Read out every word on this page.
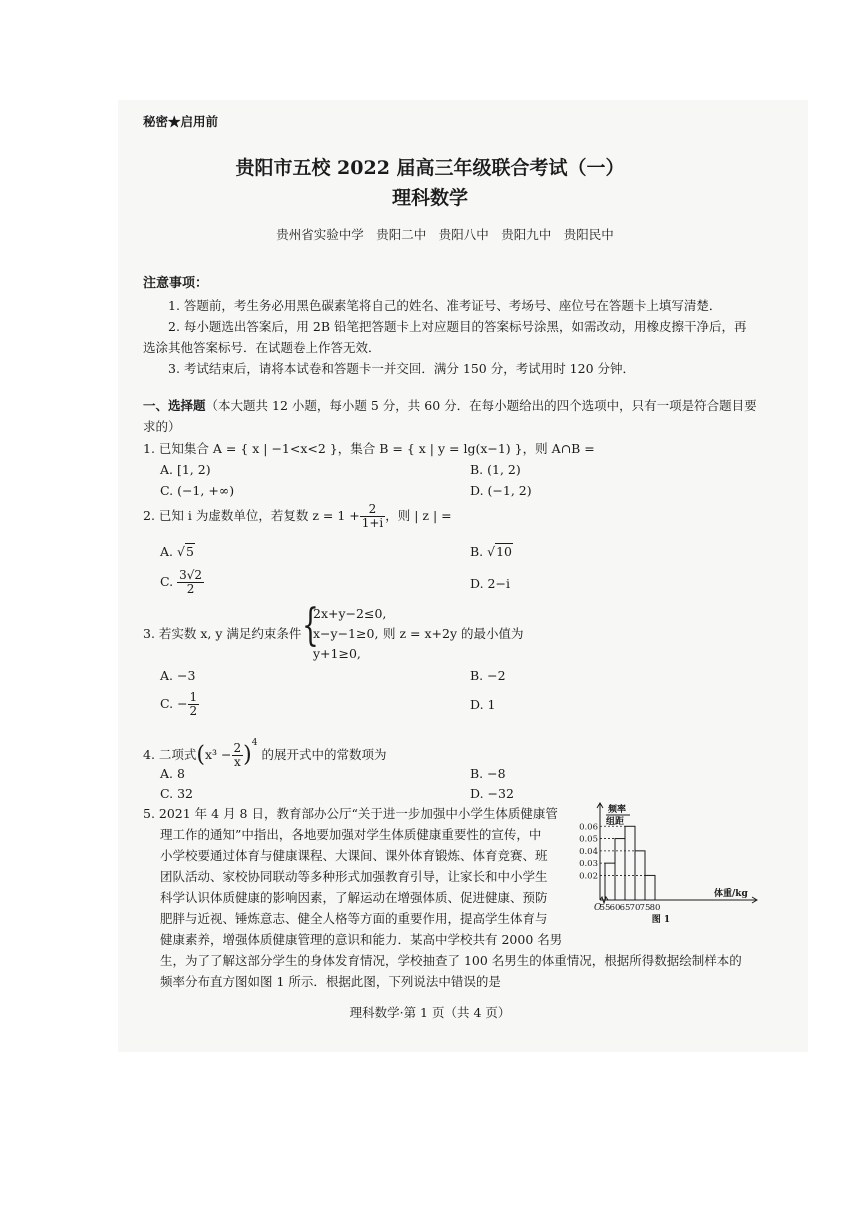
秘密★启用前
贵阳市五校 2022 届高三年级联合考试（一）
理科数学
贵州省实验中学　贵阳二中　贵阳八中　贵阳九中　贵阳民中
注意事项：
1. 答题前，考生务必用黑色碳素笔将自己的姓名、准考证号、考场号、座位号在答题卡上填写清楚．
2. 每小题选出答案后，用 2B 铅笔把答题卡上对应题目的答案标号涂黑，如需改动，用橡皮擦干净后，再
选涂其他答案标号．在试题卷上作答无效．
3. 考试结束后，请将本试卷和答题卡一并交回．满分 150 分，考试用时 120 分钟．
一、选择题（本大题共 12 小题，每小题 5 分，共 60 分．在每小题给出的四个选项中，只有一项是符合题目要
求的）
1. 已知集合 A = { x | −1<x<2 }，集合 B = { x | y = lg(x−1) }，则 A∩B =
A. [1, 2)	B. (1, 2)
C. (−1, +∞)	D. (−1, 2)
2. 已知 i 为虚数单位，若复数 $z = 1 + \frac{2}{1+i}$ ，则 | z | =
A. √5	B. √10
C. $\frac{3√2}{2}$	D. 2−i
3. 若实数 x, y 满足约束条件 {
2x+y−2≤0,
x−y−1≥0,
y+1≥0,
则 z = x+2y 的最小值为
A. −3	B. −2
C. − $\frac{1}{2}$	D. 1
4. 二项式$(x^3 - \frac{2}{x} )^4$ 的展开式中的常数项为
A. 8	B. −8
C. 32	D. −32
5. 2021 年 4 月 8 日，教育部办公厅“关于进一步加强中小学生体质健康管
理工作的通知”中指出，各地要加强对学生体质健康重要性的宣传，中
小学校要通过体育与健康课程、大课间、课外体育锻炼、体育竞赛、班
团队活动、家校协同联动等多种形式加强教育引导，让家长和中小学生
科学认识体质健康的影响因素，了解运动在增强体质、促进健康、预防
肥胖与近视、锤炼意志、健全人格等方面的重要作用，提高学生体育与
健康素养，增强体质健康管理的意识和能力．某高中学校共有 2000 名男
生，为了了解这部分学生的身体发育情况，学校抽查了 100 名男生的体重情况，根据所得数据绘制样本的
频率分布直方图如图 1 所示．根据此图，下列说法中错误的是
频率
组距
0.06
0.05
0.04
0.03
0.02
55 60 65 70 75 80
O
体重/kg
图 1
理科数学·第 1 页（共 4 页）
